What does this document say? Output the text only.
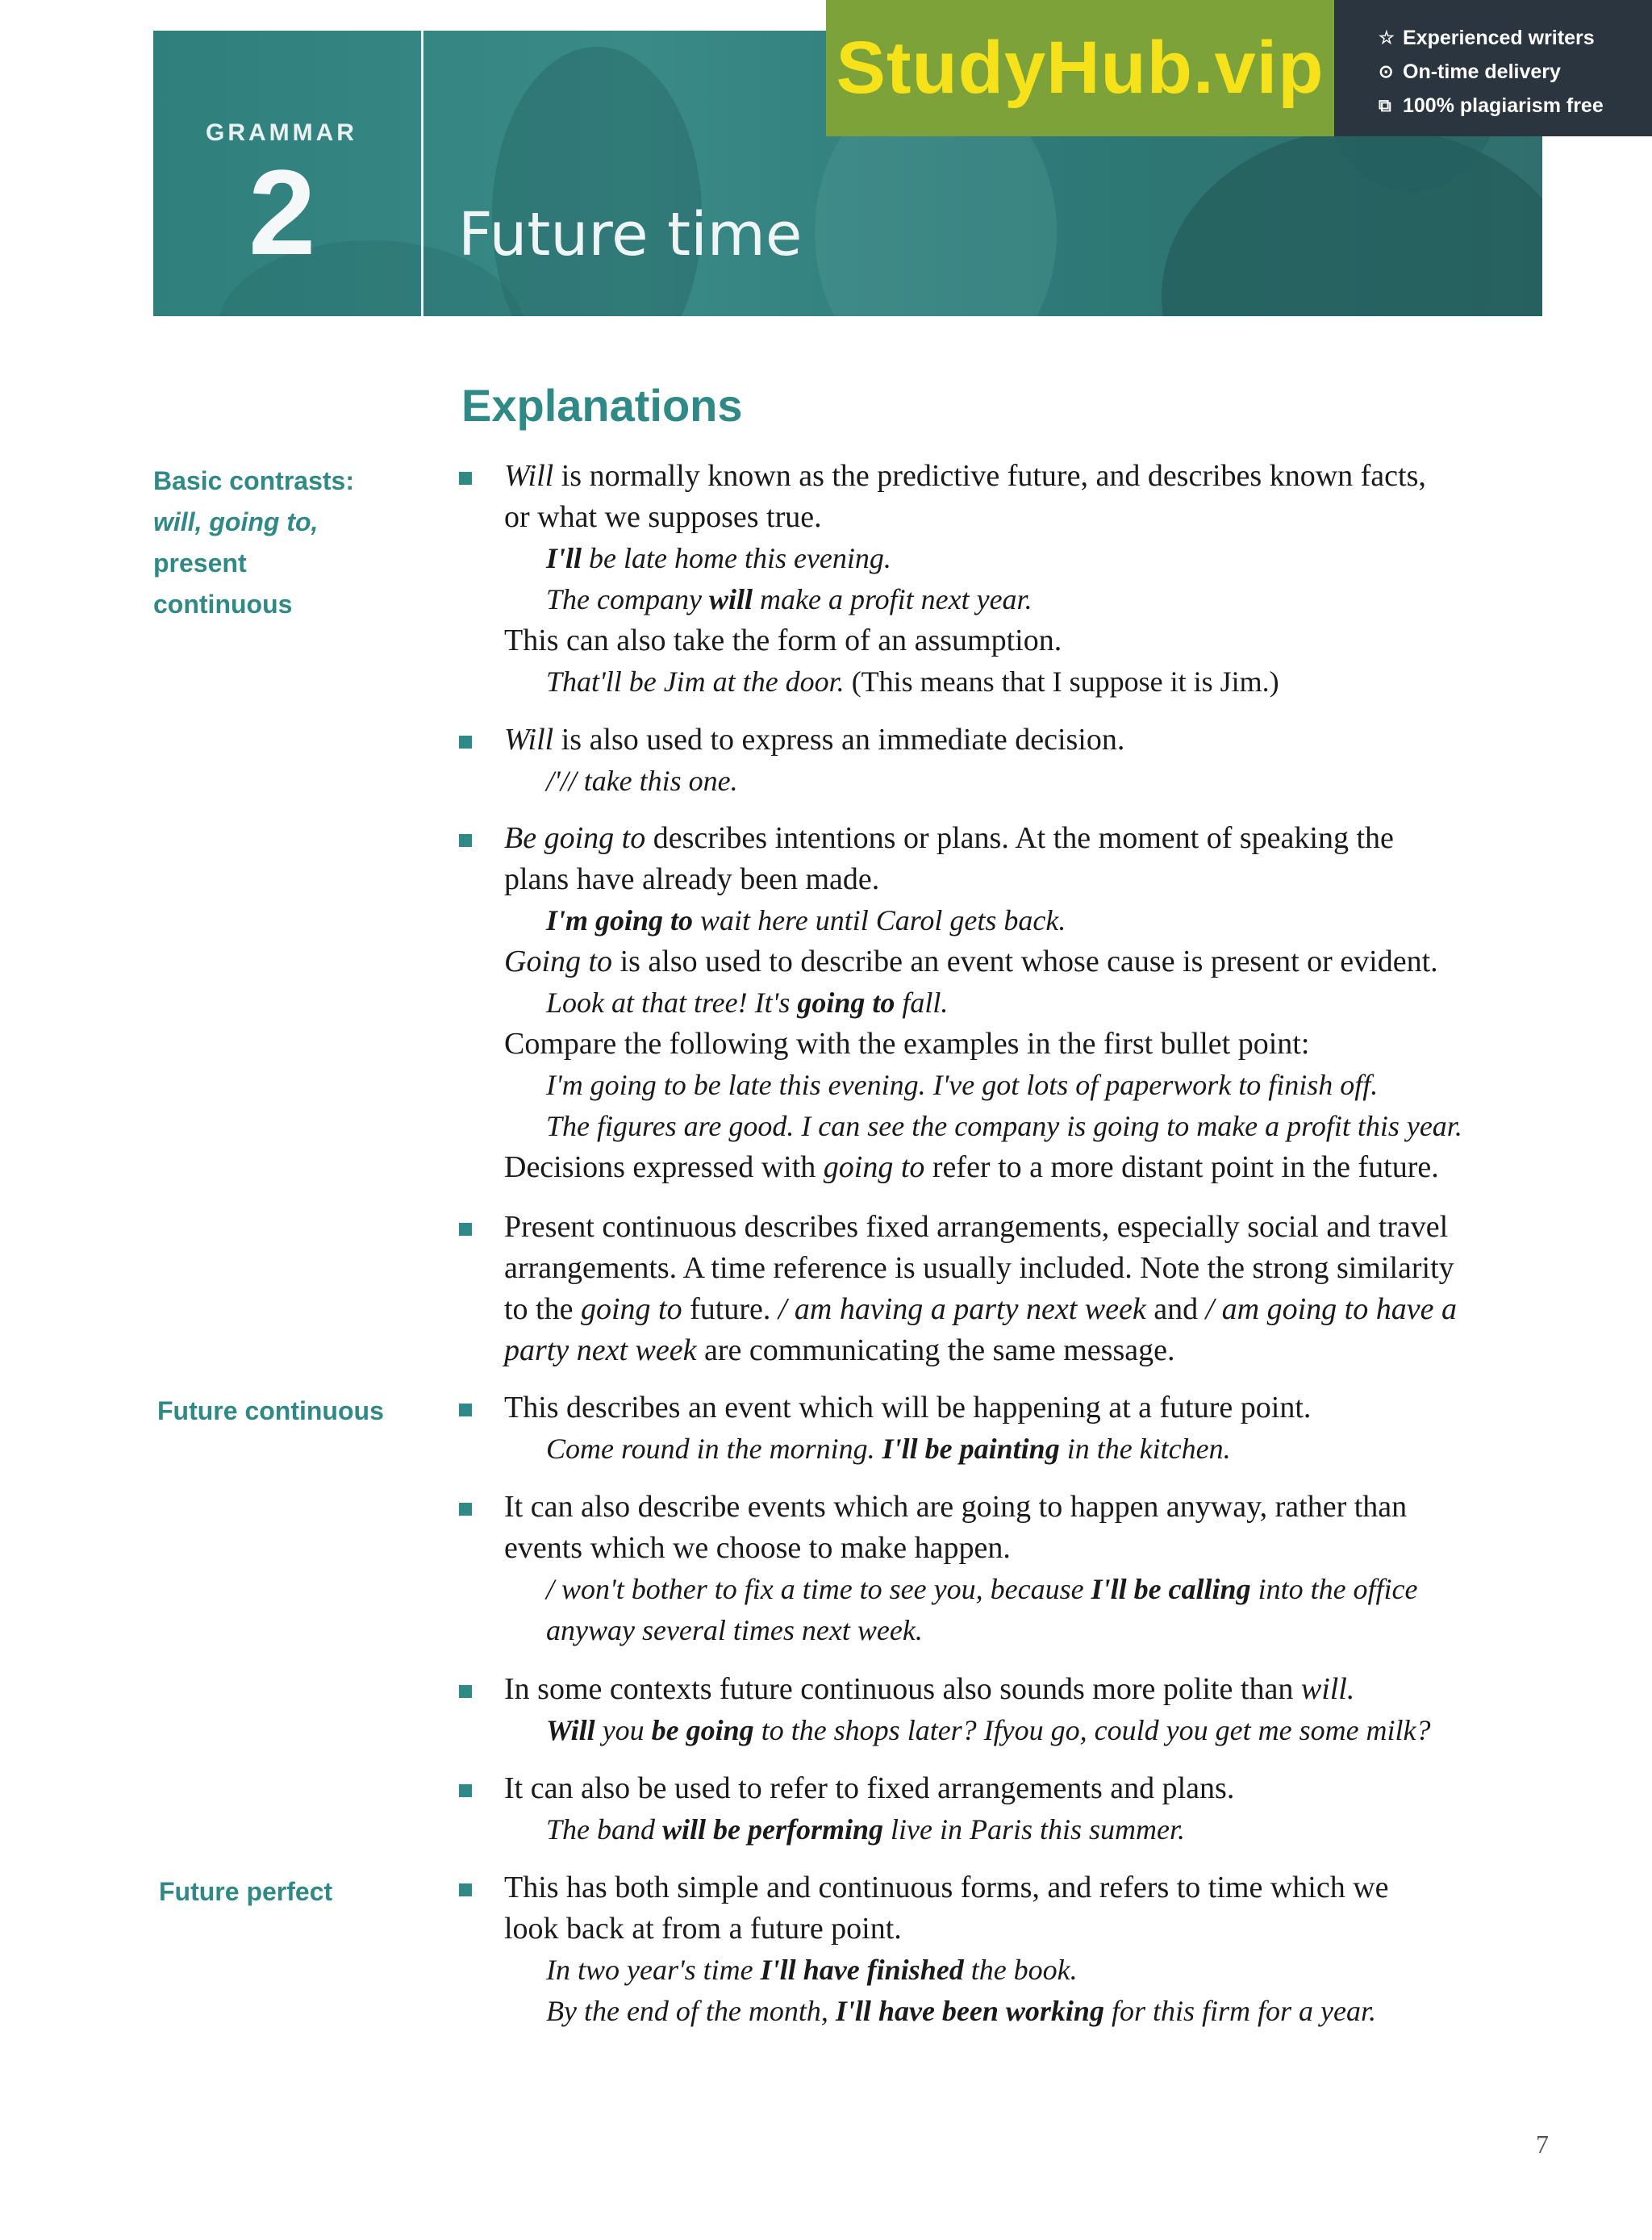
GRAMMAR
2 Future time
StudyHub.vip	☆ Experienced writers
⊙ On-time delivery
⧉ 100% plagiarism free
Explanations
Basic contrasts:
will, going to,
present
continuous
Future continuous
Future perfect
Will is normally known as the predictive future, and describes known facts,
or what we supposes true.
I'll be late home this evening.
The company will make a profit next year.
This can also take the form of an assumption.
That'll be Jim at the door. (This means that I suppose it is Jim.)
Will is also used to express an immediate decision.
/'// take this one.
Be going to describes intentions or plans. At the moment of speaking the
plans have already been made.
I'm going to wait here until Carol gets back.
Going to is also used to describe an event whose cause is present or evident.
Look at that tree! It's going to fall.
Compare the following with the examples in the first bullet point:
I'm going to be late this evening. I've got lots of paperwork to finish off.
The figures are good. I can see the company is going to make a profit this year.
Decisions expressed with going to refer to a more distant point in the future.
Present continuous describes fixed arrangements, especially social and travel
arrangements. A time reference is usually included. Note the strong similarity
to the going to future. / am having a party next week and / am going to have a
party next week are communicating the same message.
This describes an event which will be happening at a future point.
Come round in the morning. I'll be painting in the kitchen.
It can also describe events which are going to happen anyway, rather than
events which we choose to make happen.
/ won't bother to fix a time to see you, because I'll be calling into the office
anyway several times next week.
In some contexts future continuous also sounds more polite than will.
Will you be going to the shops later? Ifyou go, could you get me some milk?
It can also be used to refer to fixed arrangements and plans.
The band will be performing live in Paris this summer.
This has both simple and continuous forms, and refers to time which we
look back at from a future point.
In two year's time I'll have finished the book.
By the end of the month, I'll have been working for this firm for a year.
7
